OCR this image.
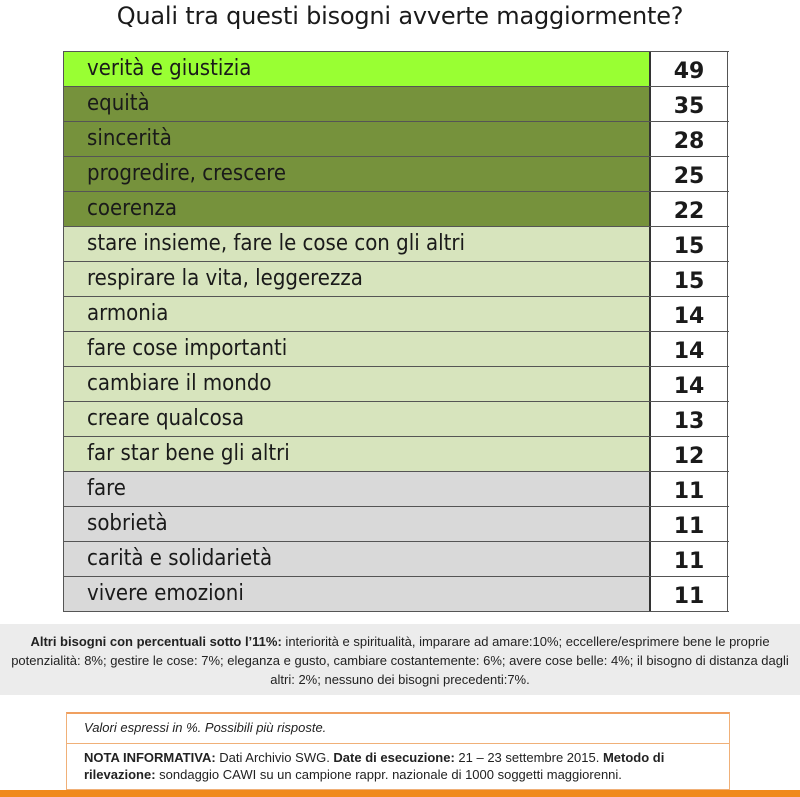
Quali tra questi bisogni avverte maggiormente?
verità e giustizia	49
equità	35
sincerità	28
progredire, crescere	25
coerenza	22
stare insieme, fare le cose con gli altri	15
respirare la vita, leggerezza	15
armonia	14
fare cose importanti	14
cambiare il mondo	14
creare qualcosa	13
far star bene gli altri	12
fare	11
sobrietà	11
carità e solidarietà	11
vivere emozioni	11
Altri bisogni con percentuali sotto l’11%: interiorità e spiritualità, imparare ad amare:10%; eccellere/esprimere bene le proprie potenzialità: 8%; gestire le cose: 7%; eleganza e gusto, cambiare costantemente: 6%; avere cose belle: 4%; il bisogno di distanza dagli altri: 2%; nessuno dei bisogni precedenti:7%.
Valori espressi in %. Possibili più risposte.
NOTA INFORMATIVA: Dati Archivio SWG. Date di esecuzione: 21 – 23 settembre 2015. Metodo di rilevazione: sondaggio CAWI su un campione rappr. nazionale di 1000 soggetti maggiorenni.
